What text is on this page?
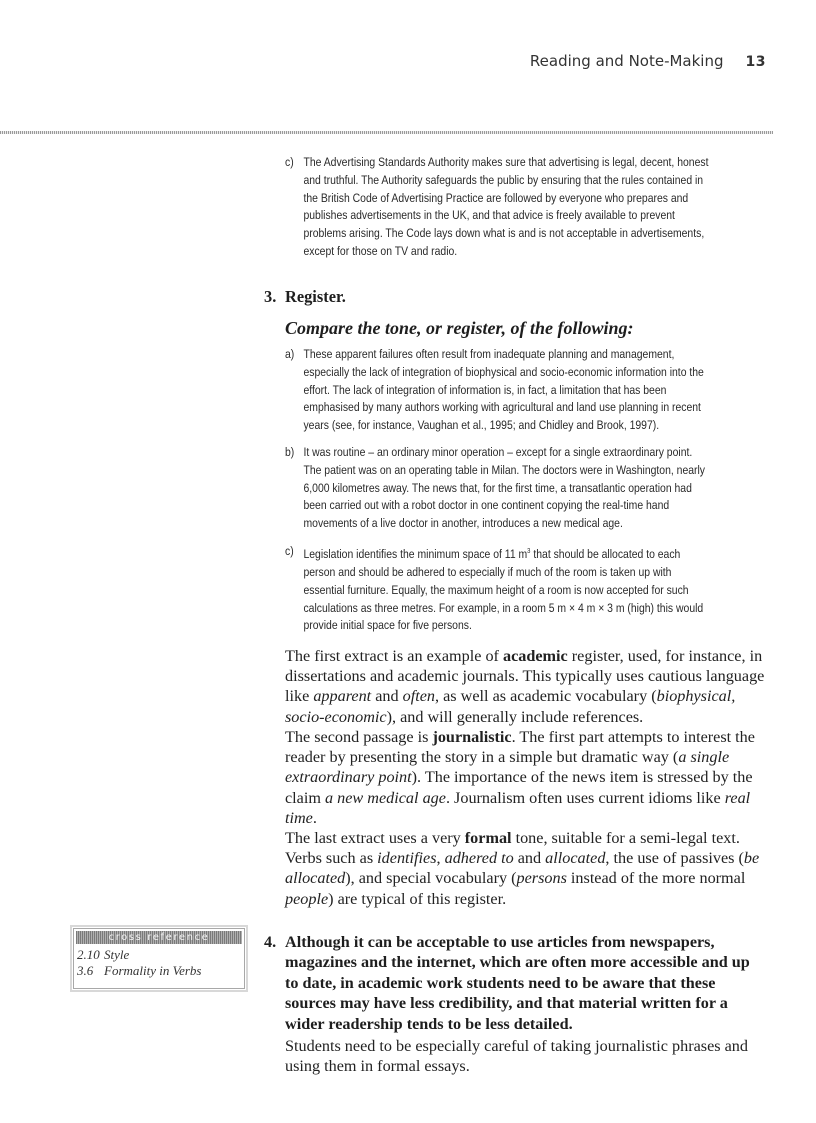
Reading and Note-Making 13
c) The Advertising Standards Authority makes sure that advertising is legal, decent, honest and truthful. The Authority safeguards the public by ensuring that the rules contained in the British Code of Advertising Practice are followed by everyone who prepares and publishes advertisements in the UK, and that advice is freely available to prevent problems arising. The Code lays down what is and is not acceptable in advertisements, except for those on TV and radio.
3. Register.
Compare the tone, or register, of the following:
a) These apparent failures often result from inadequate planning and management, especially the lack of integration of biophysical and socio-economic information into the effort. The lack of integration of information is, in fact, a limitation that has been emphasised by many authors working with agricultural and land use planning in recent years (see, for instance, Vaughan et al., 1995; and Chidley and Brook, 1997).
b) It was routine – an ordinary minor operation – except for a single extraordinary point. The patient was on an operating table in Milan. The doctors were in Washington, nearly 6,000 kilometres away. The news that, for the first time, a transatlantic operation had been carried out with a robot doctor in one continent copying the real-time hand movements of a live doctor in another, introduces a new medical age.
c) Legislation identifies the minimum space of 11 $m^3$ that should be allocated to each person and should be adhered to especially if much of the room is taken up with essential furniture. Equally, the maximum height of a room is now accepted for such calculations as three metres. For example, in a room 5 m × 4 m × 3 m (high) this would provide initial space for five persons.

The first extract is an example of academic register, used, for instance, in dissertations and academic journals. This typically uses cautious language like apparent and often, as well as academic vocabulary (biophysical, socio-economic), and will generally include references.

The second passage is journalistic. The first part attempts to interest the reader by presenting the story in a simple but dramatic way (a single extraordinary point). The importance of the news item is stressed by the claim a new medical age. Journalism often uses current idioms like real time.

The last extract uses a very formal tone, suitable for a semi-legal text. Verbs such as identifies, adhered to and allocated, the use of passives (be allocated), and special vocabulary (persons instead of the more normal people) are typical of this register.

cross reference
2.10 Style
3.6 Formality in Verbs
4. Although it can be acceptable to use articles from newspapers, magazines and the internet, which are often more accessible and up to date, in academic work students need to be aware that these sources may have less credibility, and that material written for a wider readership tends to be less detailed.

Students need to be especially careful of taking journalistic phrases and using them in formal essays.
